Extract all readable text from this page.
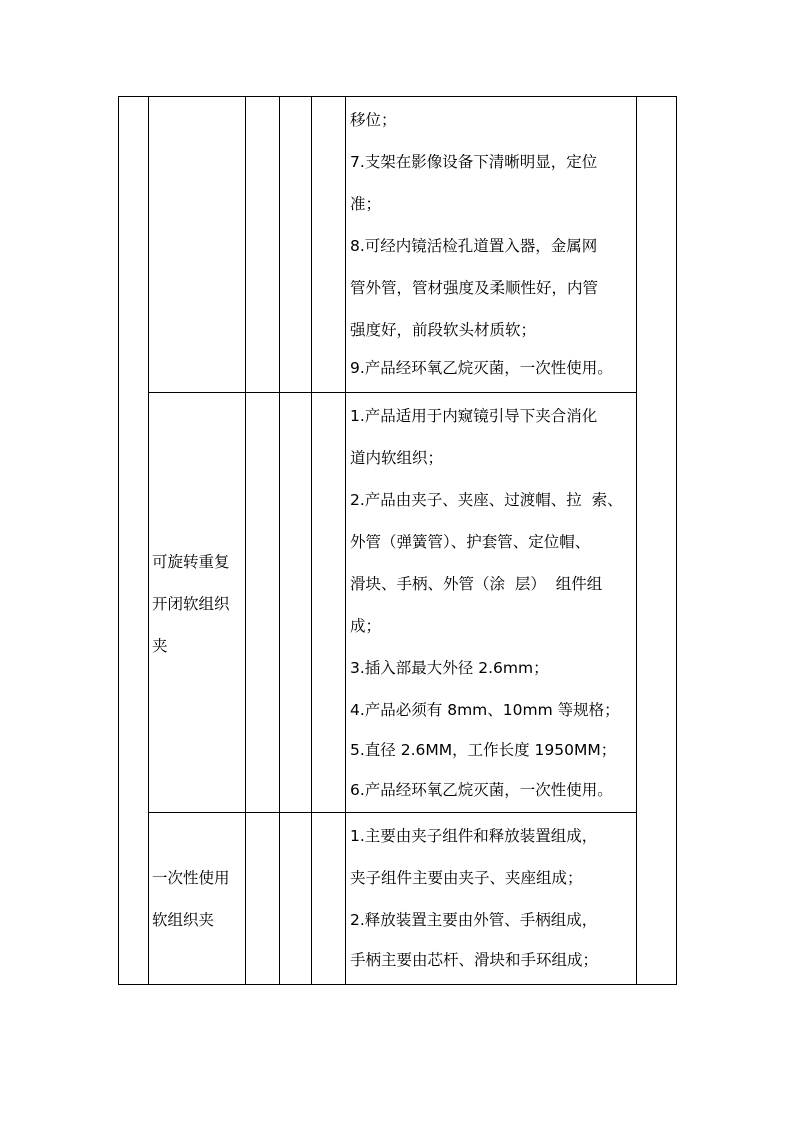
移位；
7.支架在影像设备下清晰明显，定位
准；
8.可经内镜活检孔道置入器，金属网
管外管，管材强度及柔顺性好，内管
强度好，前段软头材质软；
9.产品经环氧乙烷灭菌，一次性使用。
可旋转重复
开闭软组织
夹
1.产品适用于内窥镜引导下夹合消化
道内软组织；
2.产品由夹子、夹座、过渡帽、拉  索、
外管（弹簧管）、护套管、定位帽、
滑块、手柄、外管（涂  层）  组件组
成；
3.插入部最大外径 2.6mm；
4.产品必须有 8mm、10mm 等规格；
5.直径 2.6MM，工作长度 1950MM；
6.产品经环氧乙烷灭菌，一次性使用。
一次性使用
软组织夹
1.主要由夹子组件和释放装置组成，
夹子组件主要由夹子、夹座组成；
2.释放装置主要由外管、手柄组成，
手柄主要由芯杆、滑块和手环组成；
